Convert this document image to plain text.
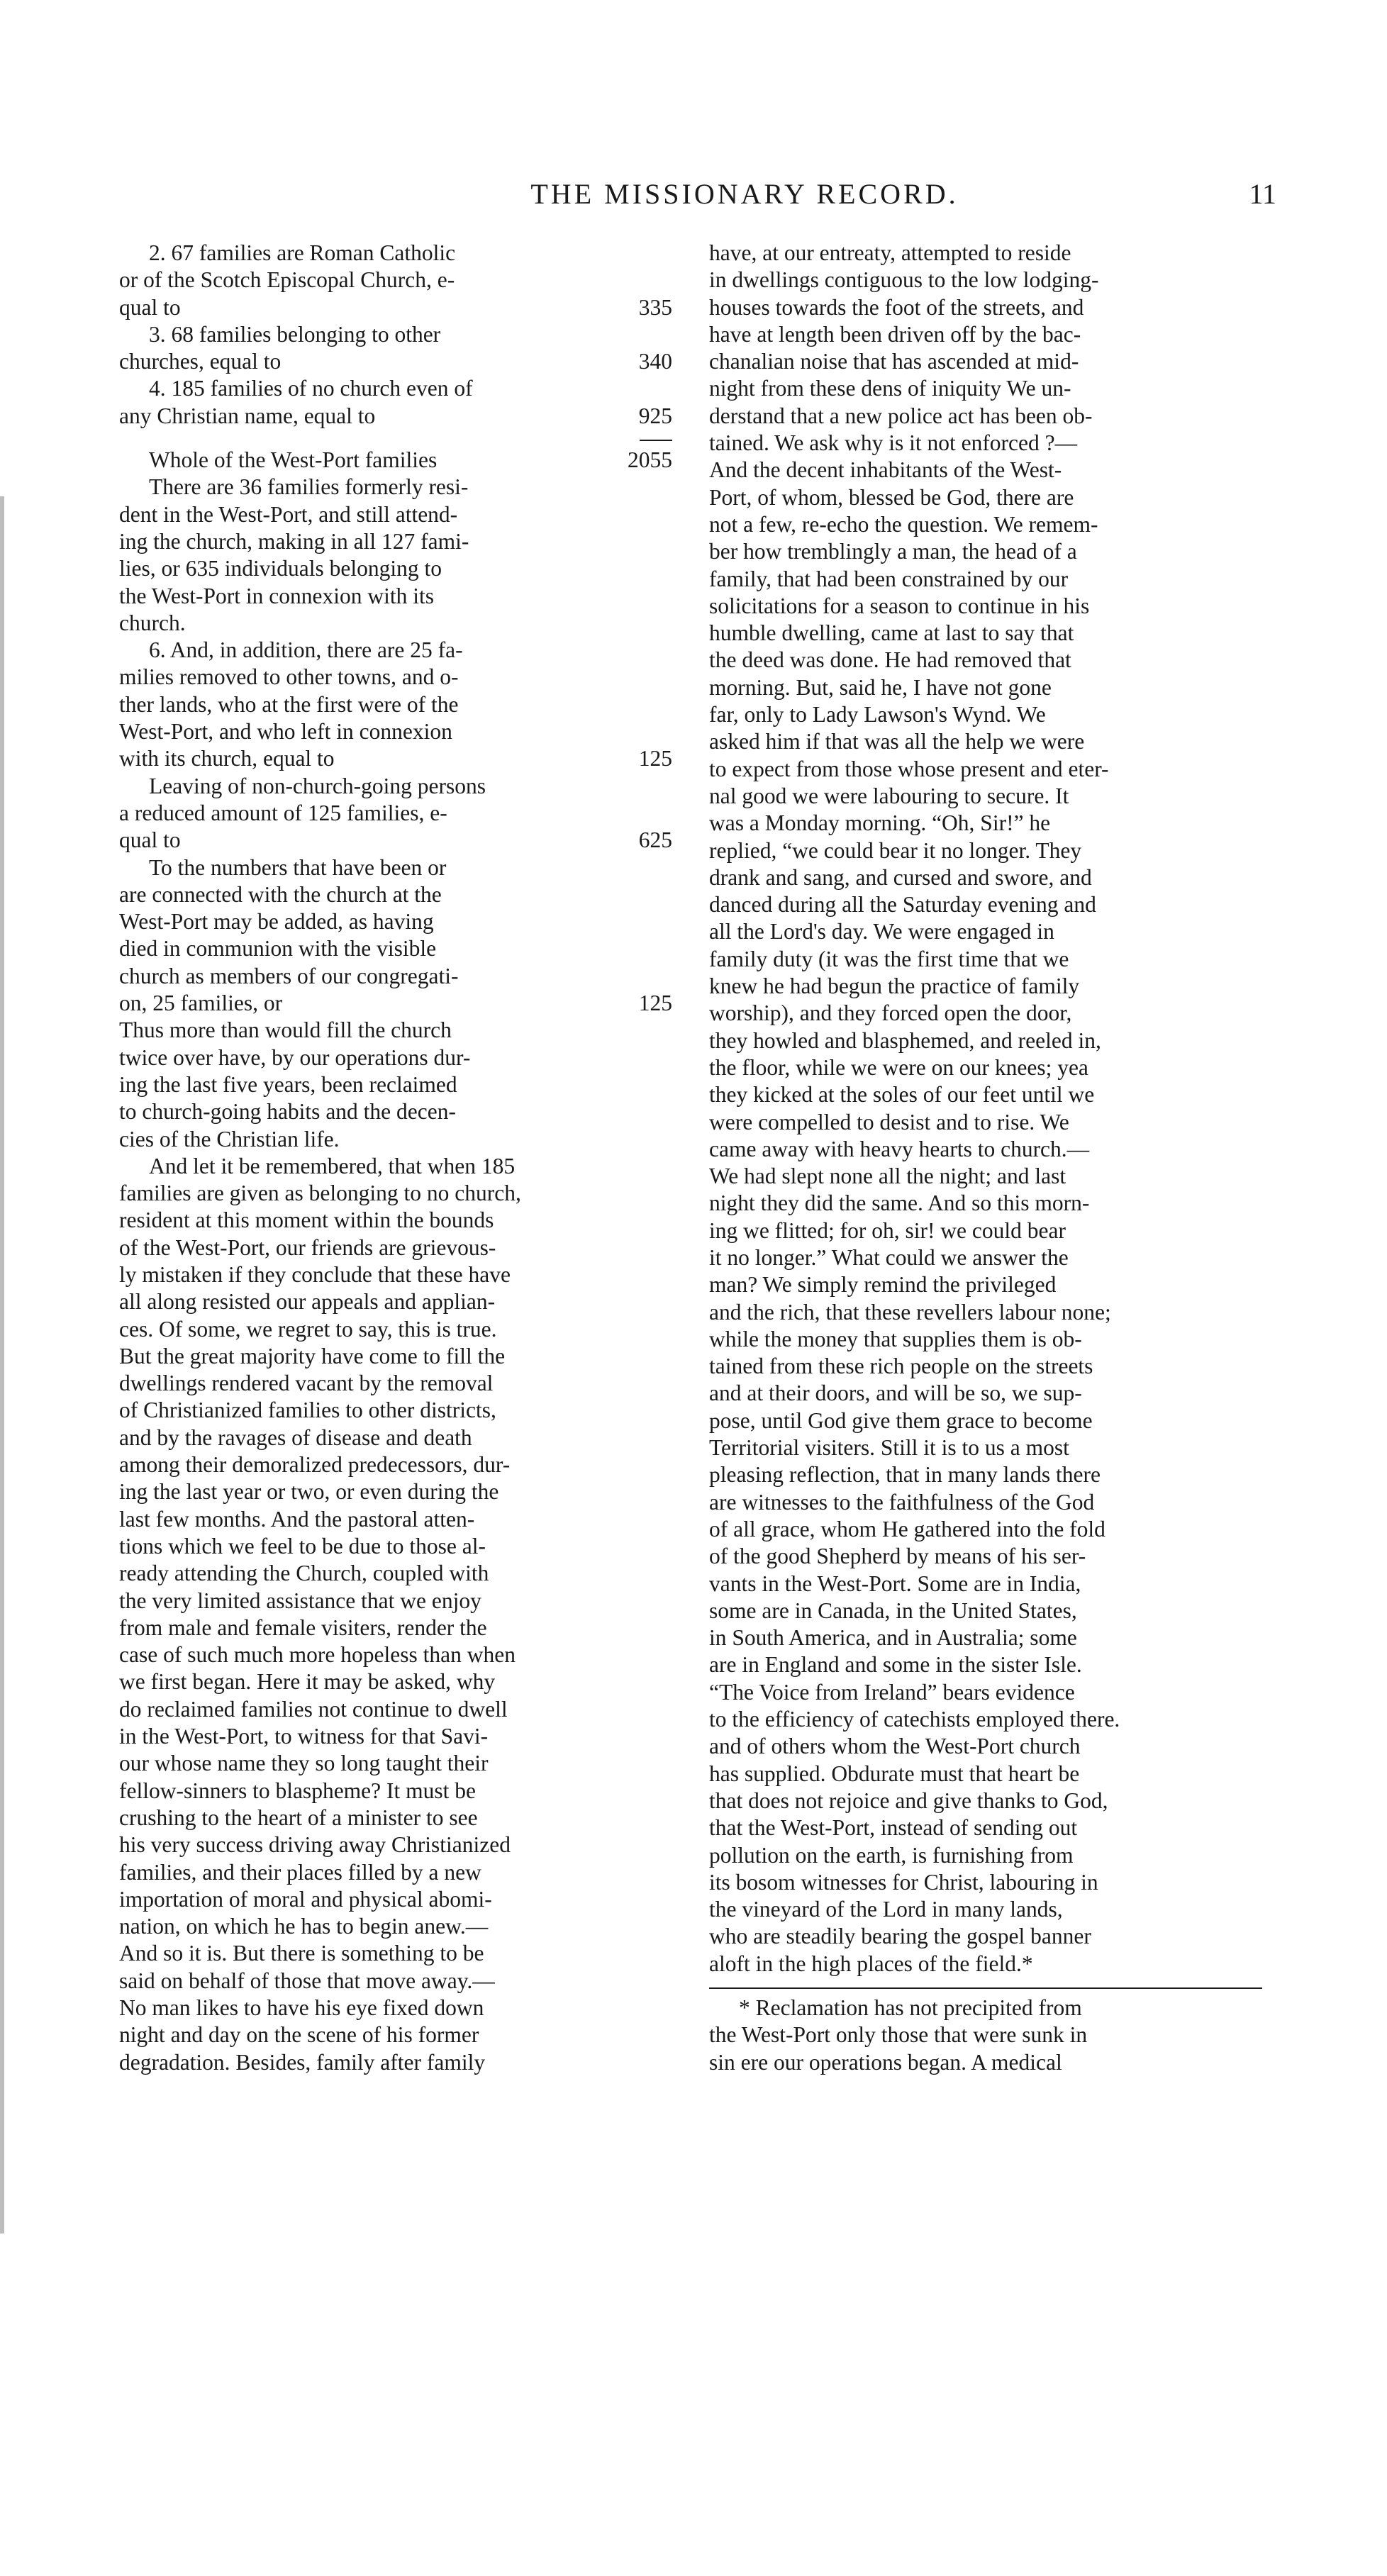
THE MISSIONARY RECORD.	11
2. 67 families are Roman Catholic
or of the Scotch Episcopal Church, e-
qual to	335
3. 68 families belonging to other
churches, equal to	340
4. 185 families of no church even of
any Christian name, equal to	925
Whole of the West-Port families	2055
There are 36 families formerly resi-
dent in the West-Port, and still attend-
ing the church, making in all 127 fami-
lies, or 635 individuals belonging to
the West-Port in connexion with its
church.
6. And, in addition, there are 25 fa-
milies removed to other towns, and o-
ther lands, who at the first were of the
West-Port, and who left in connexion
with its church, equal to	125
Leaving of non-church-going persons
a reduced amount of 125 families, e-
qual to	625
To the numbers that have been or
are connected with the church at the
West-Port may be added, as having
died in communion with the visible
church as members of our congregati-
on, 25 families, or	125
Thus more than would fill the church
twice over have, by our operations dur-
ing the last five years, been reclaimed
to church-going habits and the decen-
cies of the Christian life.
And let it be remembered, that when 185
families are given as belonging to no church,
resident at this moment within the bounds
of the West-Port, our friends are grievous-
ly mistaken if they conclude that these have
all along resisted our appeals and applian-
ces. Of some, we regret to say, this is true.
But the great majority have come to fill the
dwellings rendered vacant by the removal
of Christianized families to other districts,
and by the ravages of disease and death
among their demoralized predecessors, dur-
ing the last year or two, or even during the
last few months. And the pastoral atten-
tions which we feel to be due to those al-
ready attending the Church, coupled with
the very limited assistance that we enjoy
from male and female visiters, render the
case of such much more hopeless than when
we first began. Here it may be asked, why
do reclaimed families not continue to dwell
in the West-Port, to witness for that Savi-
our whose name they so long taught their
fellow-sinners to blaspheme? It must be
crushing to the heart of a minister to see
his very success driving away Christianized
families, and their places filled by a new
importation of moral and physical abomi-
nation, on which he has to begin anew.—
And so it is. But there is something to be
said on behalf of those that move away.—
No man likes to have his eye fixed down
night and day on the scene of his former
degradation. Besides, family after family
have, at our entreaty, attempted to reside
in dwellings contiguous to the low lodging-
houses towards the foot of the streets, and
have at length been driven off by the bac-
chanalian noise that has ascended at mid-
night from these dens of iniquity We un-
derstand that a new police act has been ob-
tained. We ask why is it not enforced ?—
And the decent inhabitants of the West-
Port, of whom, blessed be God, there are
not a few, re-echo the question. We remem-
ber how tremblingly a man, the head of a
family, that had been constrained by our
solicitations for a season to continue in his
humble dwelling, came at last to say that
the deed was done. He had removed that
morning. But, said he, I have not gone
far, only to Lady Lawson's Wynd. We
asked him if that was all the help we were
to expect from those whose present and eter-
nal good we were labouring to secure. It
was a Monday morning. “Oh, Sir!” he
replied, “we could bear it no longer. They
drank and sang, and cursed and swore, and
danced during all the Saturday evening and
all the Lord's day. We were engaged in
family duty (it was the first time that we
knew he had begun the practice of family
worship), and they forced open the door,
they howled and blasphemed, and reeled in,
the floor, while we were on our knees; yea
they kicked at the soles of our feet until we
were compelled to desist and to rise. We
came away with heavy hearts to church.—
We had slept none all the night; and last
night they did the same. And so this morn-
ing we flitted; for oh, sir! we could bear
it no longer.” What could we answer the
man? We simply remind the privileged
and the rich, that these revellers labour none;
while the money that supplies them is ob-
tained from these rich people on the streets
and at their doors, and will be so, we sup-
pose, until God give them grace to become
Territorial visiters. Still it is to us a most
pleasing reflection, that in many lands there
are witnesses to the faithfulness of the God
of all grace, whom He gathered into the fold
of the good Shepherd by means of his ser-
vants in the West-Port. Some are in India,
some are in Canada, in the United States,
in South America, and in Australia; some
are in England and some in the sister Isle.
“The Voice from Ireland” bears evidence
to the efficiency of catechists employed there.
and of others whom the West-Port church
has supplied. Obdurate must that heart be
that does not rejoice and give thanks to God,
that the West-Port, instead of sending out
pollution on the earth, is furnishing from
its bosom witnesses for Christ, labouring in
the vineyard of the Lord in many lands,
who are steadily bearing the gospel banner
aloft in the high places of the field.*
* Reclamation has not precipited from
the West-Port only those that were sunk in
sin ere our operations began. A medical
